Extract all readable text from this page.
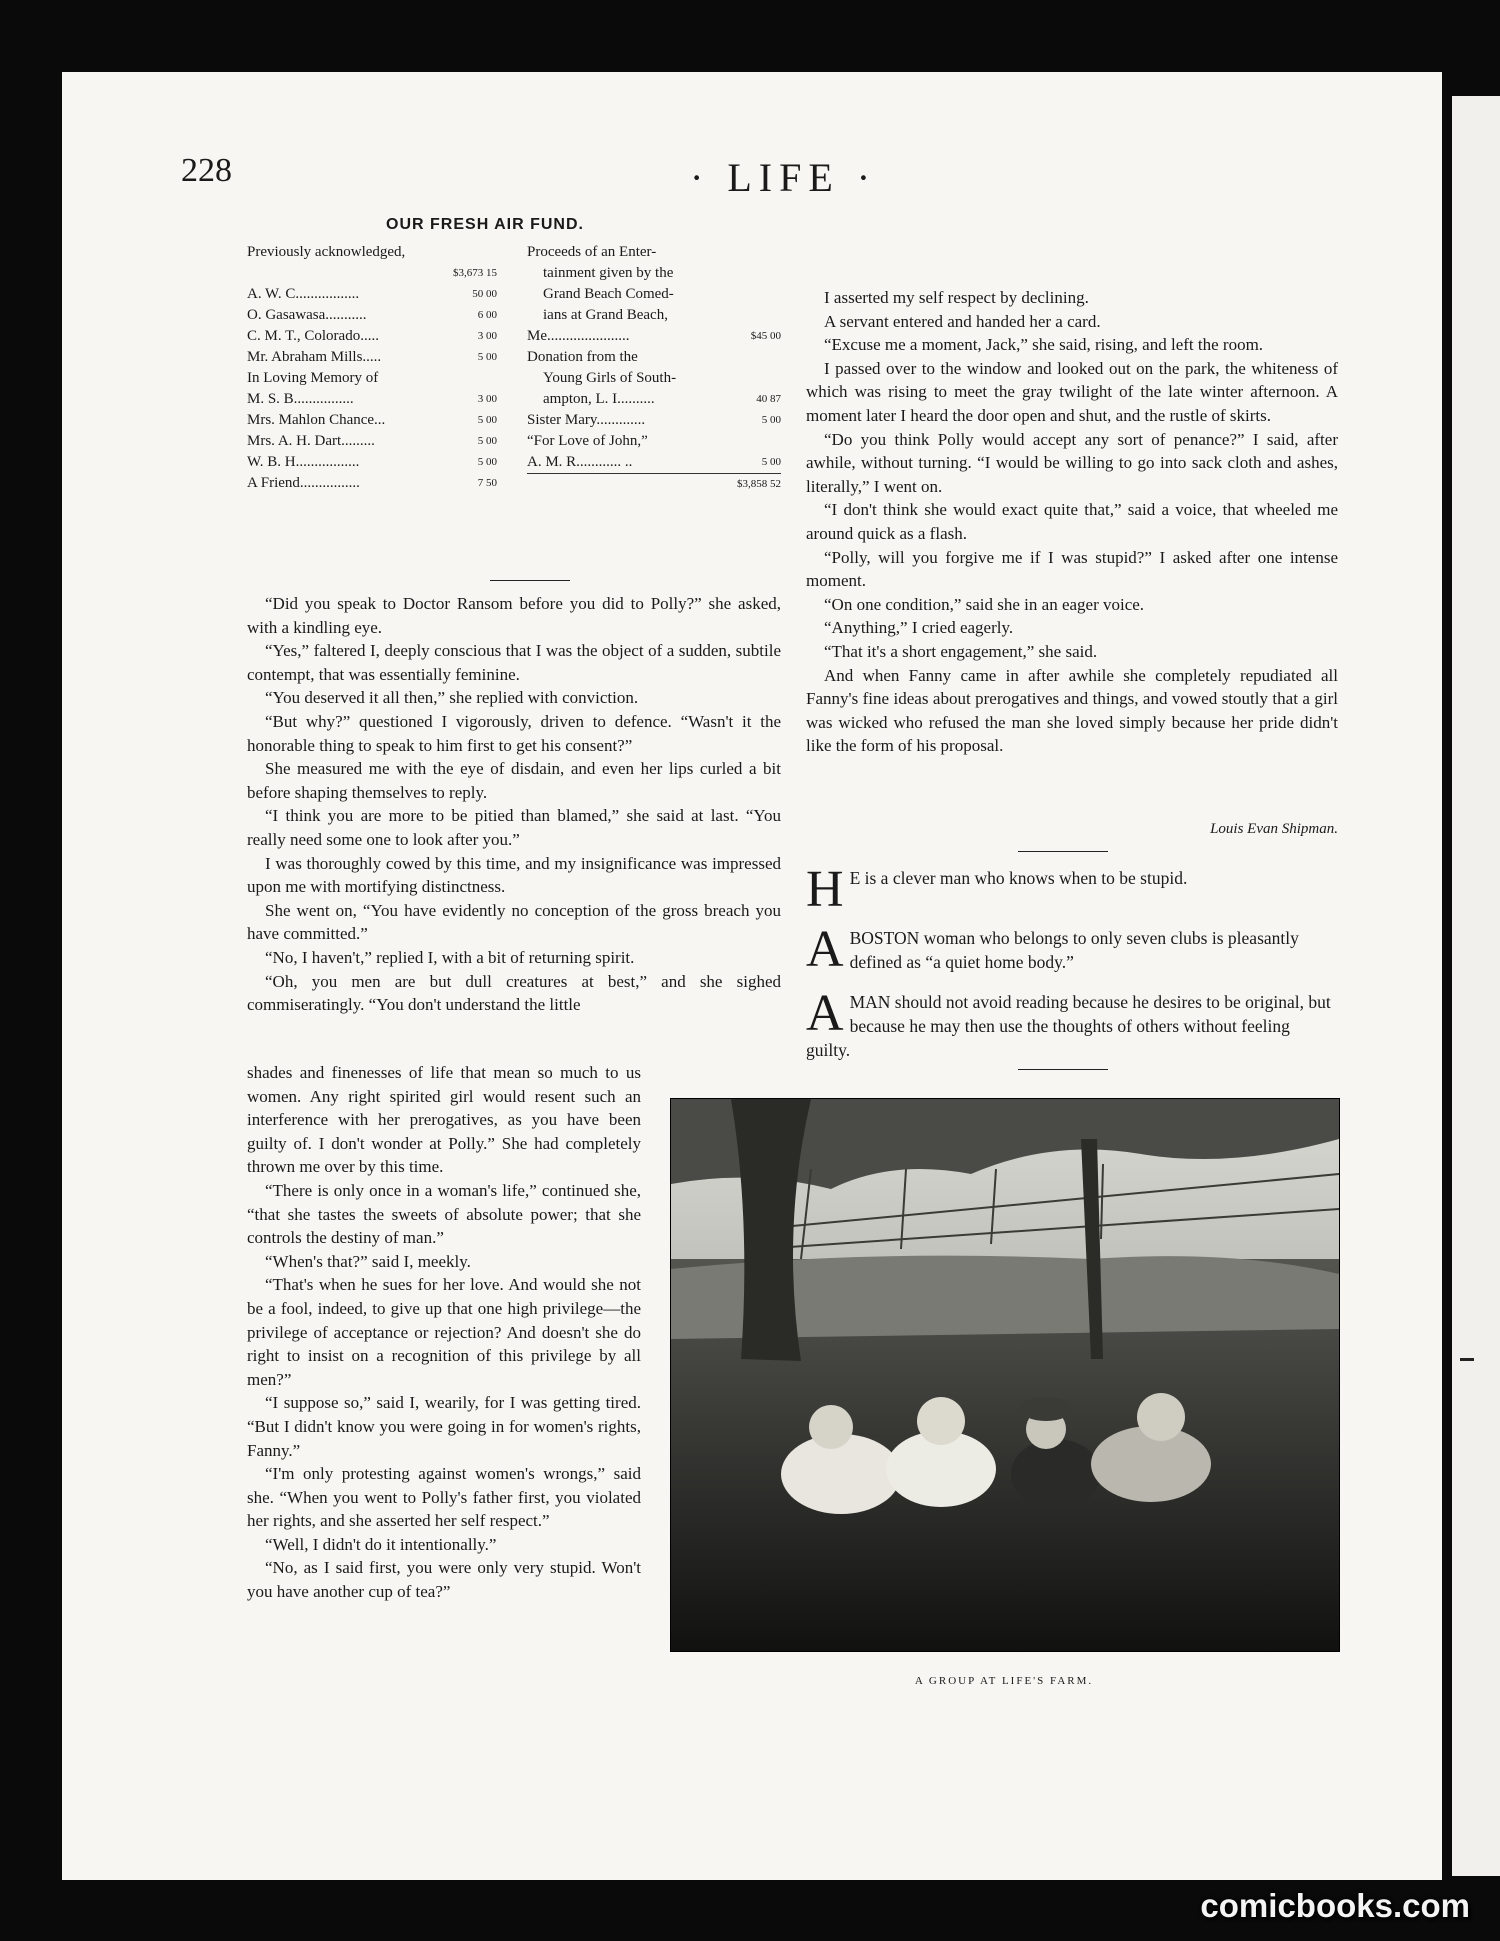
228	· LIFE ·
OUR FRESH AIR FUND.
Previously acknowledged,
$3,673 15
A. W. C.................	50 00
O. Gasawasa...........	6 00
C. M. T., Colorado.....	3 00
Mr. Abraham Mills.....	5 00
In Loving Memory of
M. S. B................	3 00
Mrs. Mahlon Chance...	5 00
Mrs. A. H. Dart.........	5 00
W. B. H.................	5 00
A Friend................	7 50
Proceeds of an Enter-
tainment given by the
Grand Beach Comed-
ians at Grand Beach,
Me......................	$45 00
Donation from the
Young Girls of South-
ampton, L. I..........	40 87
Sister Mary.............	5 00
“For Love of John,”
A. M. R............ ..	5 00
$3,858 52

“Did you speak to Doctor Ransom before you did to Polly?” she asked, with a kindling eye.

“Yes,” faltered I, deeply conscious that I was the object of a sudden, subtile contempt, that was essentially feminine.

“You deserved it all then,” she replied with conviction.

“But why?” questioned I vigorously, driven to defence. “Wasn't it the honorable thing to speak to him first to get his consent?”

She measured me with the eye of disdain, and even her lips curled a bit before shaping themselves to reply.

“I think you are more to be pitied than blamed,” she said at last. “You really need some one to look after you.”

I was thoroughly cowed by this time, and my insignificance was impressed upon me with mortifying distinctness.

She went on, “You have evidently no conception of the gross breach you have committed.”

“No, I haven't,” replied I, with a bit of returning spirit.

“Oh, you men are but dull creatures at best,” and she sighed commiseratingly. “You don't understand the little

shades and finenesses of life that mean so much to us women. Any right spirited girl would resent such an interference with her prerogatives, as you have been guilty of. I don't wonder at Polly.” She had completely thrown me over by this time.

“There is only once in a woman's life,” continued she, “that she tastes the sweets of absolute power; that she controls the destiny of man.”

“When's that?” said I, meekly.

“That's when he sues for her love. And would she not be a fool, indeed, to give up that one high privilege—the privilege of acceptance or rejection? And doesn't she do right to insist on a recognition of this privilege by all men?”

“I suppose so,” said I, wearily, for I was getting tired. “But I didn't know you were going in for women's rights, Fanny.”

“I'm only protesting against women's wrongs,” said she. “When you went to Polly's father first, you violated her rights, and she asserted her self respect.”

“Well, I didn't do it intentionally.”

“No, as I said first, you were only very stupid. Won't you have another cup of tea?”

I asserted my self respect by declining.

A servant entered and handed her a card.

“Excuse me a moment, Jack,” she said, rising, and left the room.

I passed over to the window and looked out on the park, the whiteness of which was rising to meet the gray twilight of the late winter afternoon. A moment later I heard the door open and shut, and the rustle of skirts.

“Do you think Polly would accept any sort of penance?” I said, after awhile, without turning. “I would be willing to go into sack cloth and ashes, literally,” I went on.

“I don't think she would exact quite that,” said a voice, that wheeled me around quick as a flash.

“Polly, will you forgive me if I was stupid?” I asked after one intense moment.

“On one condition,” said she in an eager voice.

“Anything,” I cried eagerly.

“That it's a short engagement,” she said.

And when Fanny came in after awhile she completely repudiated all Fanny's fine ideas about prerogatives and things, and vowed stoutly that a girl was wicked who refused the man she loved simply because her pride didn't like the form of his proposal.

Louis Evan Shipman.
H E is a clever man who knows when to be stupid.
ABOSTON woman who belongs to only seven clubs is pleasantly defined as “a quiet home body.”
AMAN should not avoid reading because he desires to be original, but because he may then use the thoughts of others without feeling guilty.
A GROUP AT LIFE'S FARM.
comicbooks.com
